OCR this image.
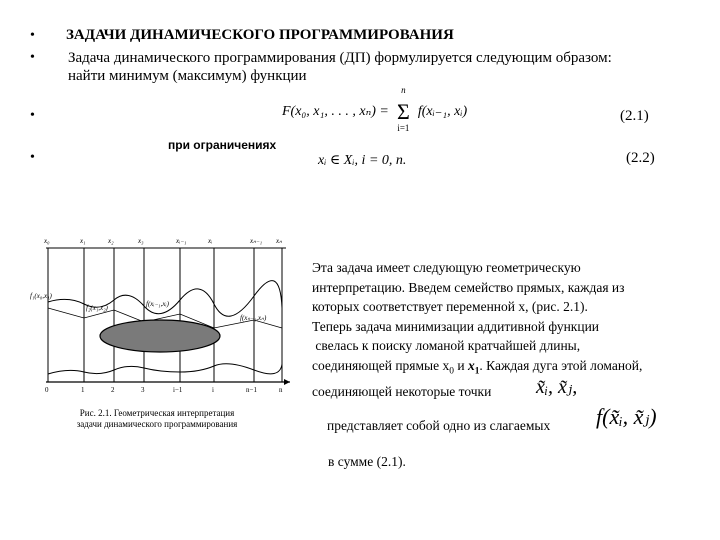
•
•
•
•
ЗАДАЧИ ДИНАМИЧЕСКОГО ПРОГРАММИРОВАНИЯ
Задача динамического программирования (ДП) формулируется следующим образом:
найти минимум (максимум) функции
F(x₀, x₁, . . . , xₙ) =
n
Σ
i=1
f(xᵢ₋₁, xᵢ)	(2.1)
при ограничениях
xᵢ ∈ Xᵢ, i = 0, n.	(2.2)
x₀	x₁	x₂	x₃	xᵢ₋₁	xᵢ	xₙ₋₁ xₙ
f₁(x₀,x₁)
f₂(x₁,x₂)	f(xᵢ₋₁,xᵢ)
f(xₙ₋₁,xₙ)
0	1	2	3	i−1	i	n−1	n
Рис. 2.1. Геометрическая интерпретация
задачи динамического программирования
Эта задача имеет следующую геометрическую
интерпретацию. Введем семейство прямых, каждая из
которых соответствует переменной x, (рис. 2.1).
Теперь задача минимизации аддитивной функции
свелась к поиску ломаной кратчайшей длины,
соединяющей прямые $x_0$ и $x_1$. Каждая дуга этой ломаной,
соединяющей некоторые точки	x̃ᵢ, x̃ⱼ,
представляет собой одно из слагаемых f(x̃ᵢ, x̃ⱼ)
в сумме (2.1).
